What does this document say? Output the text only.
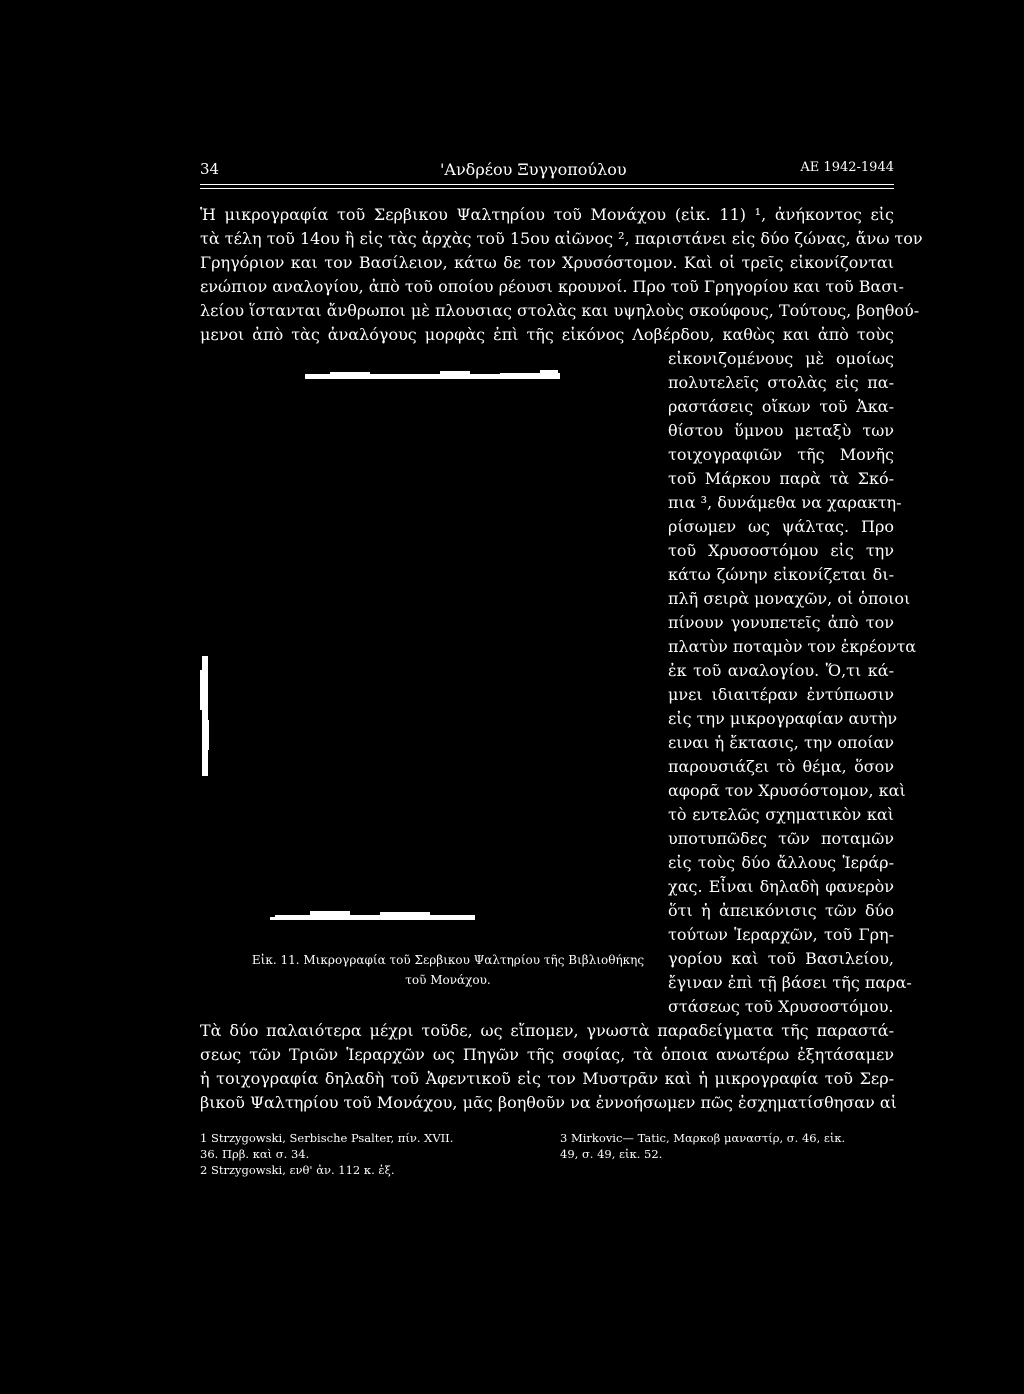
34	'Ανδρέου Ξυγγοπούλου	ΑΕ 1942-1944
Ἡ μικρογραφία τοῦ Σερβικου Ψαλτηρίου τοῦ Μονάχου (εἰκ. 11) ¹, ἀνήκοντος εἰς
τὰ τέλη τοῦ 14ου ἢ εἰς τὰς ἀρχὰς τοῦ 15ου αἰῶνος ², παριστάνει εἰς δύο ζώνας, ἄνω τον
Γρηγόριον και τον Βασίλειον, κάτω δε τον Χρυσόστομον. Καὶ οἱ τρεῖς εἰκονίζονται
ενώπιον αναλογίου, ἀπὸ τοῦ οποίου ρέουσι κρουνοί. Προ τοῦ Γρηγορίου και τοῦ Βασι-
λείου ἵστανται ἄνθρωποι μὲ πλουσιας στολὰς και υψηλοὺς σκούφους, Τούτους, βοηθού-
μενοι ἀπὸ τὰς ἀναλόγους μορφὰς ἐπὶ τῆς εἰκόνος Λοβέρδου, καθὼς και ἀπὸ τοὺς
εἰκονιζομένους μὲ ομοίως
πολυτελεῖς στολὰς εἰς πα-
ραστάσεις οἴκων τοῦ Ἀκα-
θίστου ὕμνου μεταξὺ των
τοιχογραφιῶν τῆς Μονῆς
τοῦ Μάρκου παρὰ τὰ Σκό-
πια ³, δυνάμεθα να χαρακτη-
ρίσωμεν ως ψάλτας. Προ
τοῦ Χρυσοστόμου εἰς την
κάτω ζώνην εἰκονίζεται δι-
πλῆ σειρὰ μοναχῶν, οἱ ὁποιοι
πίνουν γονυπετεῖς ἀπὸ τον
πλατὺν ποταμὸν τον ἐκρέοντα
ἐκ τοῦ αναλογίου. Ὅ,τι κά-
μνει ιδιαιτέραν ἐντύπωσιν
εἰς την μικρογραφίαν αυτὴν
ειναι ἡ ἔκτασις, την οποίαν
παρουσιάζει τὸ θέμα, ὅσον
αφορᾶ τον Χρυσόστομον, καὶ
τὸ εντελῶς σχηματικὸν καὶ
υποτυπῶδες τῶν ποταμῶν
εἰς τοὺς δύο ἄλλους Ἱεράρ-
χας. Εἶναι δηλαδὴ φανερὸν
ὅτι ἡ ἀπεικόνισις τῶν δύο
τούτων Ἱεραρχῶν, τοῦ Γρη-
γορίου καὶ τοῦ Βασιλείου,
ἔγιναν ἐπὶ τῇ βάσει τῆς παρα-
στάσεως τοῦ Χρυσοστόμου.
Εἰκ. 11. Μικρογραφία τοῦ Σερβικου Ψαλτηρίου τῆς Βιβλιοθήκης
τοῦ Μονάχου.
Τὰ δύο παλαιότερα μέχρι τοῦδε, ως εἴπομεν, γνωστὰ παραδείγματα τῆς παραστά-
σεως τῶν Τριῶν Ἱεραρχῶν ως Πηγῶν τῆς σοφίας, τὰ ὁποια ανωτέρω ἐξητάσαμεν
ἡ τοιχογραφία δηλαδὴ τοῦ Ἀφεντικοῦ εἰς τον Μυστρᾶν καὶ ἡ μικρογραφία τοῦ Σερ-
βικοῦ Ψαλτηρίου τοῦ Μονάχου, μᾶς βοηθοῦν να ἐννοήσωμεν πῶς ἐσχηματίσθησαν αἱ
1 Strzygowski, Serbische Psalter, πίν. XVII.
36. Πρβ. καὶ σ. 34.
2 Strzygowski, ενθ' ἀν. 112 κ. ἑξ.
3 Mirkovic— Tatic, Μαρκοβ μαναστίρ, σ. 46, εἰκ.
49, σ. 49, εἰκ. 52.
